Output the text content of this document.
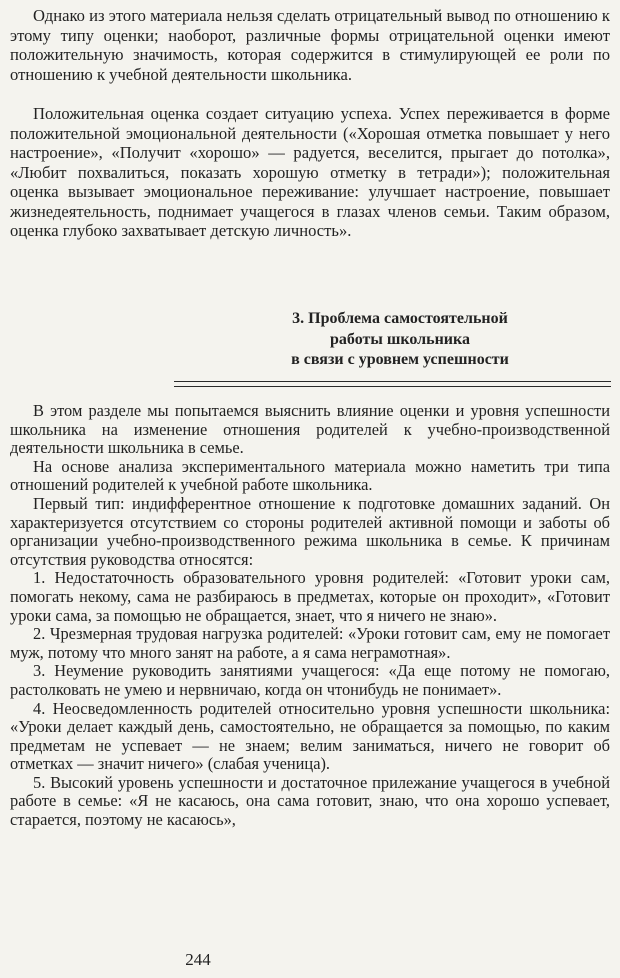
Однако из этого материала нельзя сделать отрицательный вывод по отношению к этому типу оценки; наоборот, различные формы отрицательной оценки имеют положительную значимость, которая содержится в стимулирующей ее роли по отношению к учебной деятельности школьника.

Положительная оценка создает ситуацию успеха. Успех переживается в форме положительной эмоциональной деятельности («Хорошая отметка повышает у него настроение», «Получит «хорошо» — радуется, веселится, прыгает до потолка», «Любит похвалиться, показать хорошую отметку в тетради»); положительная оценка вызывает эмоциональное переживание: улучшает настроение, повышает жизнедеятельность, поднимает учащегося в глазах членов семьи. Таким образом, оценка глубоко захватывает детскую личность».

3. Проблема самостоятельной
работы школьника
в связи с уровнем успешности

В этом разделе мы попытаемся выяснить влияние оценки и уровня успешности школьника на изменение отношения родителей к учебно-производственной деятельности школьника в семье.

На основе анализа экспериментального материала можно наметить три типа отношений родителей к учебной работе школьника.

Первый тип: индифферентное отношение к подготовке домашних заданий. Он характеризуется отсутствием со стороны родителей активной помощи и заботы об организации учебно-производственного режима школьника в семье. К причинам отсутствия руководства относятся:

1. Недостаточность образовательного уровня родителей: «Готовит уроки сам, помогать некому, сама не разбираюсь в предметах, которые он проходит», «Готовит уроки сама, за помощью не обращается, знает, что я ничего не знаю».

2. Чрезмерная трудовая нагрузка родителей: «Уроки готовит сам, ему не помогает муж, потому что много занят на работе, а я сама неграмотная».

3. Неумение руководить занятиями учащегося: «Да еще потому не помогаю, растолковать не умею и нервничаю, когда он чтонибудь не понимает».

4. Неосведомленность родителей относительно уровня успешности школьника: «Уроки делает каждый день, самостоятельно, не обращается за помощью, по каким предметам не успевает — не знаем; велим заниматься, ничего не говорит об отметках — значит ничего» (слабая ученица).

5. Высокий уровень успешности и достаточное прилежание учащегося в учебной работе в семье: «Я не касаюсь, она сама готовит, знаю, что она хорошо успевает, старается, поэтому не касаюсь»,

244
